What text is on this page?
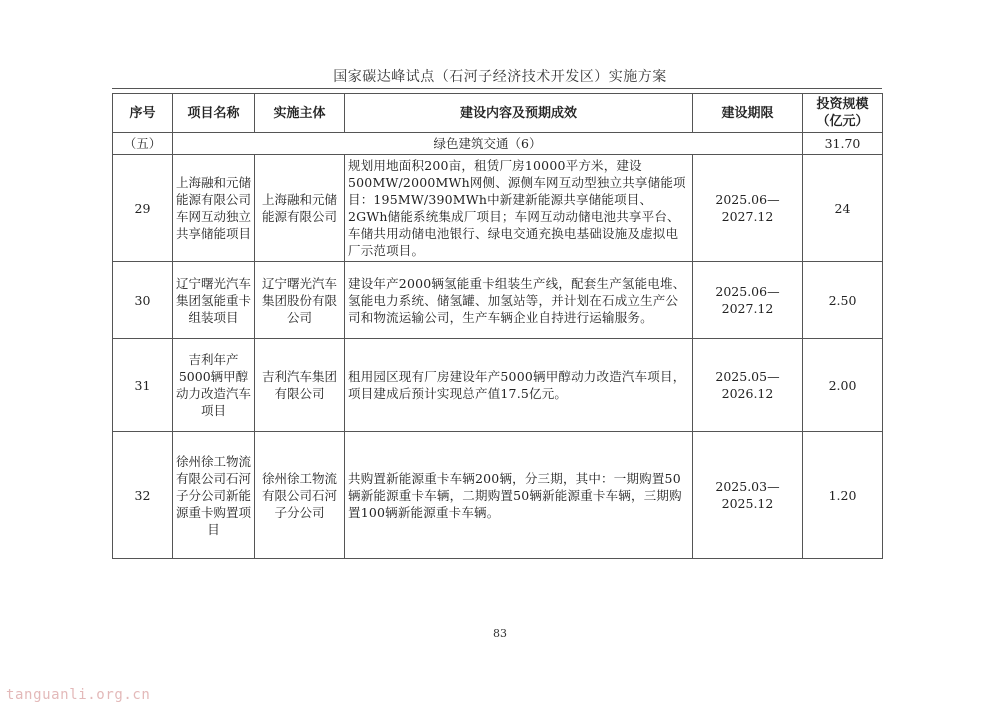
国家碳达峰试点（石河子经济技术开发区）实施方案
序号	项目名称	实施主体	建设内容及预期成效	建设期限	投资规模（亿元）
（五）	绿色建筑交通（6）				31.70
29	上海融和元储能源有限公司车网互动独立共享储能项目	上海融和元储能源有限公司	规划用地面积200亩，租赁厂房10000平方米，建设500MW/2000MWh网侧、源侧车网互动型独立共享储能项目：195MW/390MWh中新建新能源共享储能项目、2GWh储能系统集成厂项目；车网互动动储电池共享平台、车储共用动储电池银行、绿电交通充换电基础设施及虚拟电厂示范项目。	2025.06—2027.12	24
30	辽宁曙光汽车集团氢能重卡组装项目	辽宁曙光汽车集团股份有限公司	建设年产2000辆氢能重卡组装生产线，配套生产氢能电堆、氢能电力系统、储氢罐、加氢站等，并计划在石成立生产公司和物流运输公司，生产车辆企业自持进行运输服务。	2025.06—2027.12	2.50
31	吉利年产5000辆甲醇动力改造汽车项目	吉利汽车集团有限公司	租用园区现有厂房建设年产5000辆甲醇动力改造汽车项目，项目建成后预计实现总产值17.5亿元。	2025.05—2026.12	2.00
32	徐州徐工物流有限公司石河子分公司新能源重卡购置项目	徐州徐工物流有限公司石河子分公司	共购置新能源重卡车辆200辆，分三期，其中：一期购置50辆新能源重卡车辆，二期购置50辆新能源重卡车辆，三期购置100辆新能源重卡车辆。	2025.03—2025.12	1.20
83
tanguanli.org.cn
